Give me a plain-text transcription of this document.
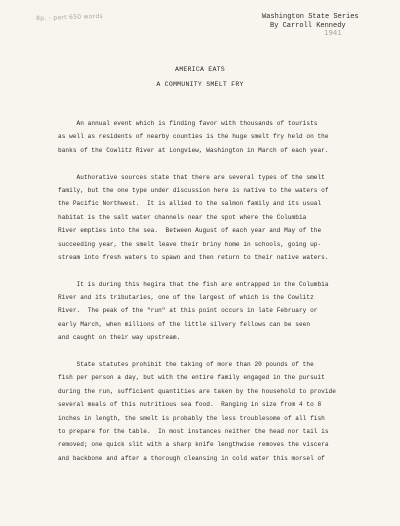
8p. - part 650 words	Washington State Series
By Carroll Kennedy
1941
AMERICA EATS
A COMMUNITY SMELT FRY
An annual event which is finding favor with thousands of tourists
as well as residents of nearby counties is the huge smelt fry held on the
banks of the Cowlitz River at Longview, Washington in March of each year.
Authorative sources state that there are several types of the smelt
family, but the one type under discussion here is native to the waters of
the Pacific Northwest.  It is allied to the salmon family and its usual
habitat is the salt water channels near the spot where the Columbia
River empties into the sea.  Between August of each year and May of the
succeeding year, the smelt leave their briny home in schools, going up-
stream into fresh waters to spawn and then return to their native waters.
It is during this hegira that the fish are entrapped in the Columbia
River and its tributaries, one of the largest of which is the Cowlitz
River.  The peak of the "run" at this point occurs in late February or
early March, when millions of the little silvery fellows can be seen
and caught on their way upstream.
State statutes prohibit the taking of more than 20 pounds of the
fish per person a day, but with the entire family engaged in the pursuit
during the run, sufficient quantities are taken by the household to provide
several meals of this nutritious sea food.  Ranging in size from 4 to 8
inches in length, the smelt is probably the less troublesome of all fish
to prepare for the table.  In most instances neither the head nor tail is
removed; one quick slit with a sharp knife lengthwise removes the viscera
and backbone and after a thorough cleansing in cold water this morsel of
